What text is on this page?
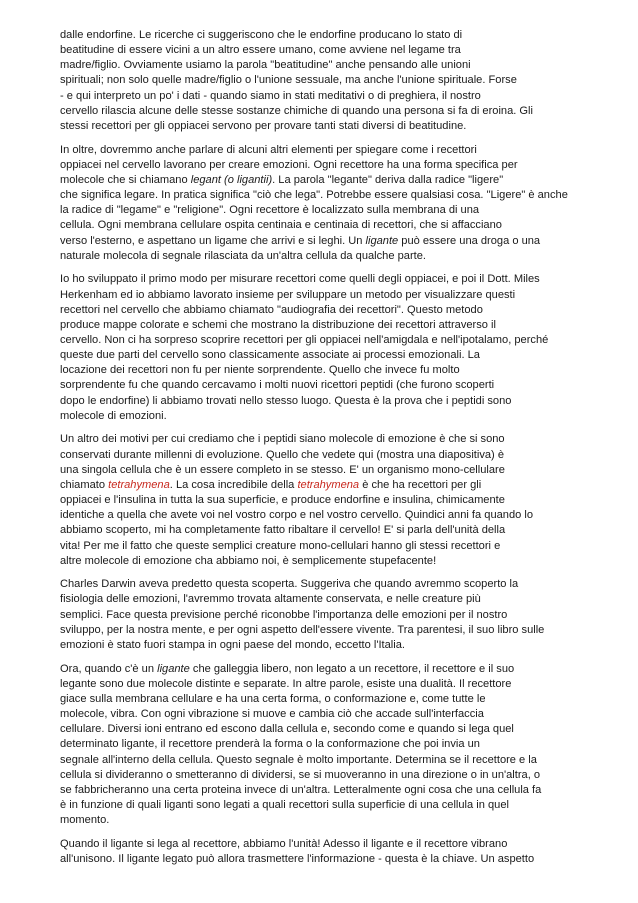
dalle endorfine. Le ricerche ci suggeriscono che le endorfine producano lo stato di
beatitudine di essere vicini a un altro essere umano, come avviene nel legame tra
madre/figlio. Ovviamente usiamo la parola "beatitudine" anche pensando alle unioni
spirituali; non solo quelle madre/figlio o l'unione sessuale, ma anche l'unione spirituale. Forse
- e qui interpreto un po' i dati - quando siamo in stati meditativi o di preghiera, il nostro
cervello rilascia alcune delle stesse sostanze chimiche di quando una persona si fa di eroina. Gli
stessi recettori per gli oppiacei servono per provare tanti stati diversi di beatitudine.

In oltre, dovremmo anche parlare di alcuni altri elementi per spiegare come i recettori
oppiacei nel cervello lavorano per creare emozioni. Ogni recettore ha una forma specifica per
molecole che si chiamano legant (o ligantii). La parola "legante" deriva dalla radice "ligere"
che significa legare. In pratica significa "ciò che lega". Potrebbe essere qualsiasi cosa. "Ligere" è anche
la radice di "legame" e "religione". Ogni recettore è localizzato sulla membrana di una
cellula. Ogni membrana cellulare ospita centinaia e centinaia di recettori, che si affacciano
verso l'esterno, e aspettano un ligame che arrivi e si leghi. Un ligante può essere una droga o una
naturale molecola di segnale rilasciata da un'altra cellula da qualche parte.

Io ho sviluppato il primo modo per misurare recettori come quelli degli oppiacei, e poi il Dott. Miles
Herkenham ed io abbiamo lavorato insieme per sviluppare un metodo per visualizzare questi
recettori nel cervello che abbiamo chiamato "audiografia dei recettori". Questo metodo
produce mappe colorate e schemi che mostrano la distribuzione dei recettori attraverso il
cervello. Non ci ha sorpreso scoprire recettori per gli oppiacei nell'amigdala e nell'ipotalamo, perché
queste due parti del cervello sono classicamente associate ai processi emozionali. La
locazione dei recettori non fu per niente sorprendente. Quello che invece fu molto
sorprendente fu che quando cercavamo i molti nuovi ricettori peptidi (che furono scoperti
dopo le endorfine) li abbiamo trovati nello stesso luogo. Questa è la prova che i peptidi sono
molecole di emozioni.

Un altro dei motivi per cui crediamo che i peptidi siano molecole di emozione è che si sono
conservati durante millenni di evoluzione. Quello che vedete qui (mostra una diapositiva) è
una singola cellula che è un essere completo in se stesso. E' un organismo mono-cellulare
chiamato tetrahymena. La cosa incredibile della tetrahymena è che ha recettori per gli
oppiacei e l'insulina in tutta la sua superficie, e produce endorfine e insulina, chimicamente
identiche a quella che avete voi nel vostro corpo e nel vostro cervello. Quindici anni fa quando lo
abbiamo scoperto, mi ha completamente fatto ribaltare il cervello! E' si parla dell'unità della
vita! Per me il fatto che queste semplici creature mono-cellulari hanno gli stessi recettori e
altre molecole di emozione cha abbiamo noi, è semplicemente stupefacente!

Charles Darwin aveva predetto questa scoperta. Suggeriva che quando avremmo scoperto la
fisiologia delle emozioni, l'avremmo trovata altamente conservata, e nelle creature più
semplici. Face questa previsione perché riconobbe l'importanza delle emozioni per il nostro
sviluppo, per la nostra mente, e per ogni aspetto dell'essere vivente. Tra parentesi, il suo libro sulle
emozioni è stato fuori stampa in ogni paese del mondo, eccetto l'Italia.

Ora, quando c'è un ligante che galleggia libero, non legato a un recettore, il recettore e il suo
legante sono due molecole distinte e separate. In altre parole, esiste una dualità. Il recettore
giace sulla membrana cellulare e ha una certa forma, o conformazione e, come tutte le
molecole, vibra. Con ogni vibrazione si muove e cambia ciò che accade sull'interfaccia
cellulare. Diversi ioni entrano ed escono dalla cellula e, secondo come e quando si lega quel
determinato ligante, il recettore prenderà la forma o la conformazione che poi invia un
segnale all'interno della cellula. Questo segnale è molto importante. Determina se il recettore e la
cellula si divideranno o smetteranno di dividersi, se si muoveranno in una direzione o in un'altra, o
se fabbricheranno una certa proteina invece di un'altra. Letteralmente ogni cosa che una cellula fa
è in funzione di quali liganti sono legati a quali recettori sulla superficie di una cellula in quel
momento.

Quando il ligante si lega al recettore, abbiamo l'unità! Adesso il ligante e il recettore vibrano
all'unisono. Il ligante legato può allora trasmettere l'informazione - questa è la chiave. Un aspetto
